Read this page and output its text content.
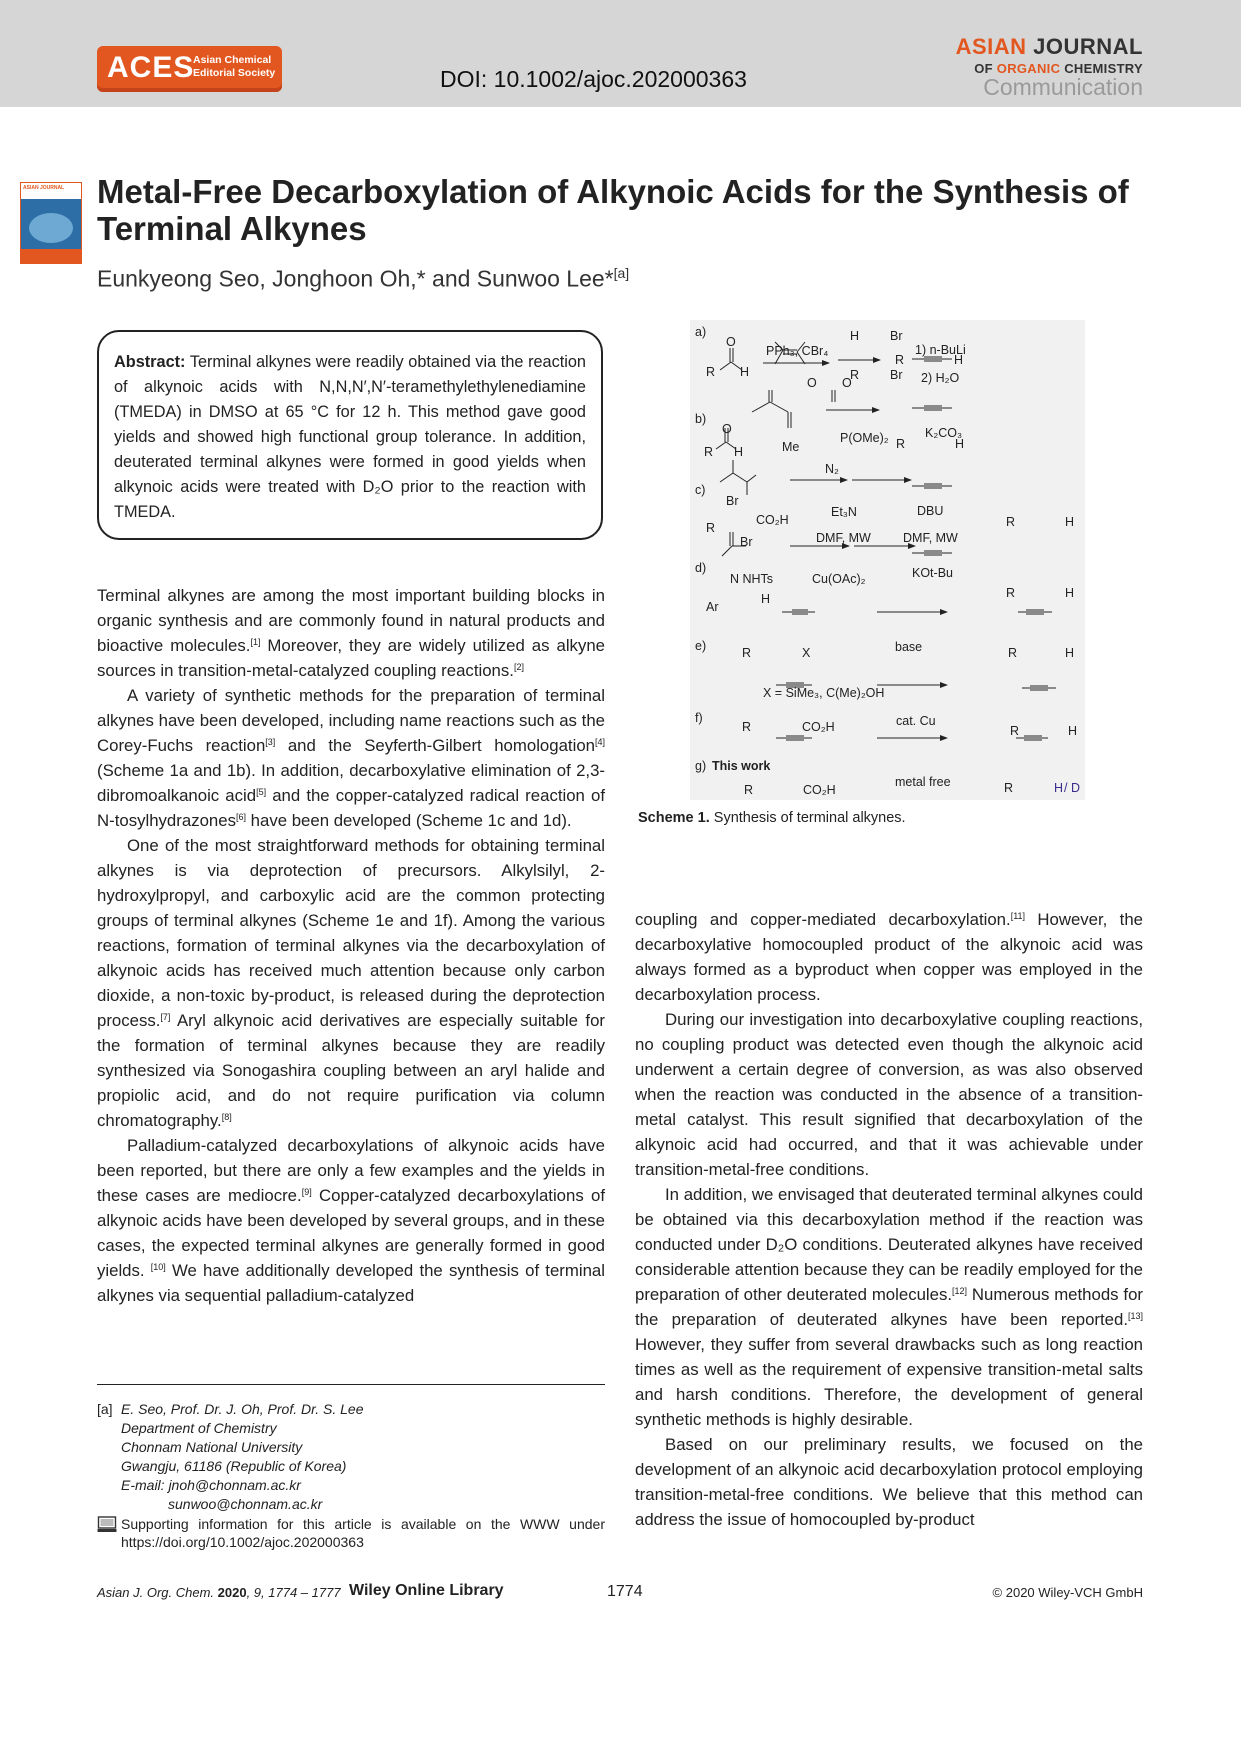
ACES
Asian Chemical
Editorial Society	DOI: 10.1002/ajoc.202000363
ASIAN JOURNAL
OF ORGANIC CHEMISTRY
Communication
ASIAN JOURNAL Metal-Free Decarboxylation of Alkynoic Acids for the Synthesis of Terminal Alkynes
Eunkyeong Seo, Jonghoon Oh,* and Sunwoo Lee*[a]
Abstract: Terminal alkynes were readily obtained via the reaction of alkynoic acids with N,N,N′,N′-teramethylethylenediamine (TMEDA) in DMSO at 65 °C for 12 h. This method gave good yields and showed high functional group tolerance. In addition, deuterated terminal alkynes were formed in good yields when alkynoic acids were treated with D₂O prior to the reaction with TMEDA.

Terminal alkynes are among the most important building blocks in organic synthesis and are commonly found in natural products and bioactive molecules.[1] Moreover, they are widely utilized as alkyne sources in transition-metal-catalyzed coupling reactions.[2]

A variety of synthetic methods for the preparation of terminal alkynes have been developed, including name reactions such as the Corey-Fuchs reaction[3] and the Seyferth-Gilbert homologation[4] (Scheme 1a and 1b). In addition, decarboxylative elimination of 2,3-dibromoalkanoic acid[5] and the copper-catalyzed radical reaction of N-tosylhydrazones[6] have been developed (Scheme 1c and 1d).

One of the most straightforward methods for obtaining terminal alkynes is via deprotection of precursors. Alkylsilyl, 2-hydroxylpropyl, and carboxylic acid are the common protecting groups of terminal alkynes (Scheme 1e and 1f). Among the various reactions, formation of terminal alkynes via the decarboxylation of alkynoic acids has received much attention because only carbon dioxide, a non-toxic by-product, is released during the deprotection process.[7] Aryl alkynoic acid derivatives are especially suitable for the formation of terminal alkynes because they are readily synthesized via Sonogashira coupling between an aryl halide and propiolic acid, and do not require purification via column chromatography.[8]

Palladium-catalyzed decarboxylations of alkynoic acids have been reported, but there are only a few examples and the yields in these cases are mediocre.[9] Copper-catalyzed decarboxylations of alkynoic acids have been developed by several groups, and in these cases, the expected terminal alkynes are generally formed in good yields. [10] We have additionally developed the synthesis of terminal alkynes via sequential palladium-catalyzed

a)
O
R H
PPh₃, CBr₄
H Br
R Br
1) n-BuLi
2) H₂O
R	H
b)
O
R H
O O
Me
P(OMe)₂
N₂
K₂CO₃
R	H
c)
Br
R
CO₂H
Br
Et₃N
DMF, MW
DBU
DMF, MW
R	H
d)
N NHTs
Ar
H
Cu(OAc)₂	KOt-Bu
R	H
e)	R	X	base	R	H
X = SiMe₃, C(Me)₂OH
f)
R	CO₂H	cat. Cu
R	H
g) This work
R	CO₂H
metal free	R	H / D
Scheme 1. Synthesis of terminal alkynes.

coupling and copper-mediated decarboxylation.[11] However, the decarboxylative homocoupled product of the alkynoic acid was always formed as a byproduct when copper was employed in the decarboxylation process.

During our investigation into decarboxylative coupling reactions, no coupling product was detected even though the alkynoic acid underwent a certain degree of conversion, as was also observed when the reaction was conducted in the absence of a transition-metal catalyst. This result signified that decarboxylation of the alkynoic acid had occurred, and that it was achievable under transition-metal-free conditions.

In addition, we envisaged that deuterated terminal alkynes could be obtained via this decarboxylation method if the reaction was conducted under D₂O conditions. Deuterated alkynes have received considerable attention because they can be readily employed for the preparation of other deuterated molecules.[12] Numerous methods for the preparation of deuterated alkynes have been reported.[13] However, they suffer from several drawbacks such as long reaction times as well as the requirement of expensive transition-metal salts and harsh conditions. Therefore, the development of general synthetic methods is highly desirable.

Based on our preliminary results, we focused on the development of an alkynoic acid decarboxylation protocol employing transition-metal-free conditions. We believe that this method can address the issue of homocoupled by-product

[a] E. Seo, Prof. Dr. J. Oh, Prof. Dr. S. Lee
Department of Chemistry
Chonnam National University
Gwangju, 61186 (Republic of Korea)
E-mail: jnoh@chonnam.ac.kr
sunwoo@chonnam.ac.kr
Supporting information for this article is available on the WWW under https://doi.org/10.1002/ajoc.202000363
Asian J. Org. Chem. 2020, 9, 1774 – 1777 Wiley Online Library	1774	© 2020 Wiley-VCH GmbH
